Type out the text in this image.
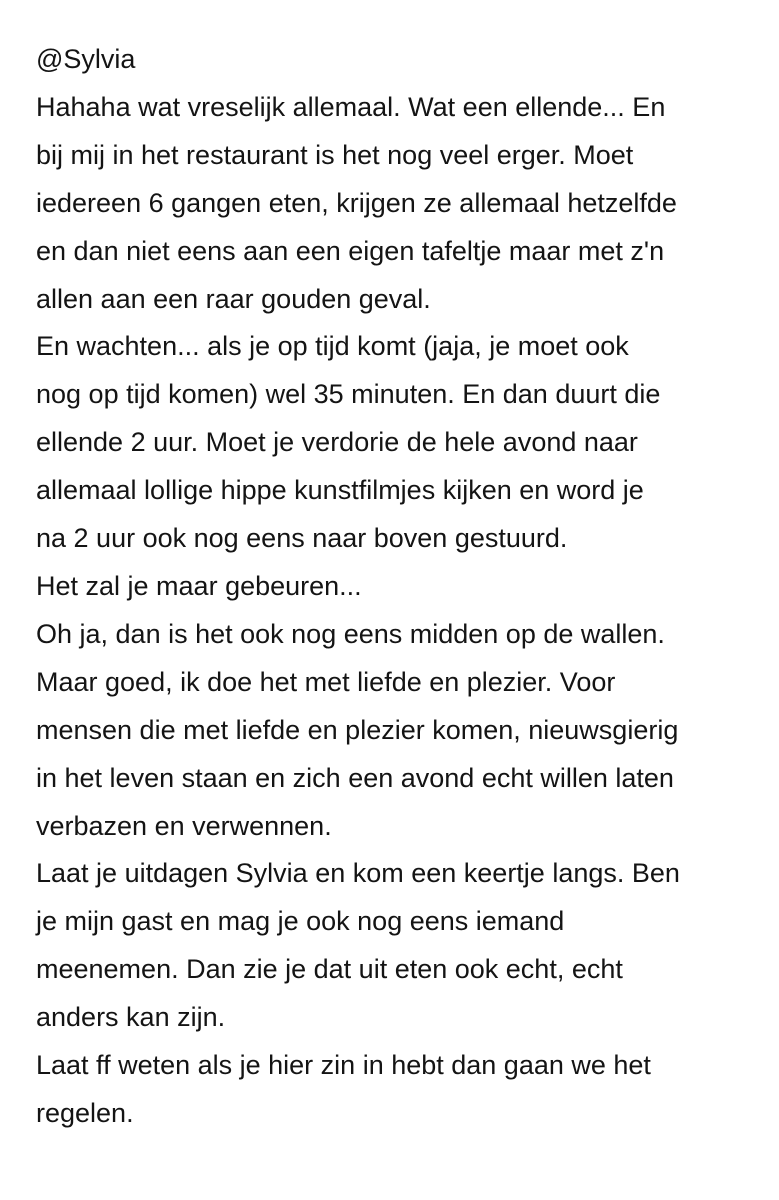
@Sylvia
Hahaha wat vreselijk allemaal. Wat een ellende... En
bij mij in het restaurant is het nog veel erger. Moet
iedereen 6 gangen eten, krijgen ze allemaal hetzelfde
en dan niet eens aan een eigen tafeltje maar met z'n
allen aan een raar gouden geval.
En wachten... als je op tijd komt (jaja, je moet ook
nog op tijd komen) wel 35 minuten. En dan duurt die
ellende 2 uur. Moet je verdorie de hele avond naar
allemaal lollige hippe kunstfilmjes kijken en word je
na 2 uur ook nog eens naar boven gestuurd.
Het zal je maar gebeuren...
Oh ja, dan is het ook nog eens midden op de wallen.
Maar goed, ik doe het met liefde en plezier. Voor
mensen die met liefde en plezier komen, nieuwsgierig
in het leven staan en zich een avond echt willen laten
verbazen en verwennen.
Laat je uitdagen Sylvia en kom een keertje langs. Ben
je mijn gast en mag je ook nog eens iemand
meenemen. Dan zie je dat uit eten ook echt, echt
anders kan zijn.
Laat ff weten als je hier zin in hebt dan gaan we het
regelen.
